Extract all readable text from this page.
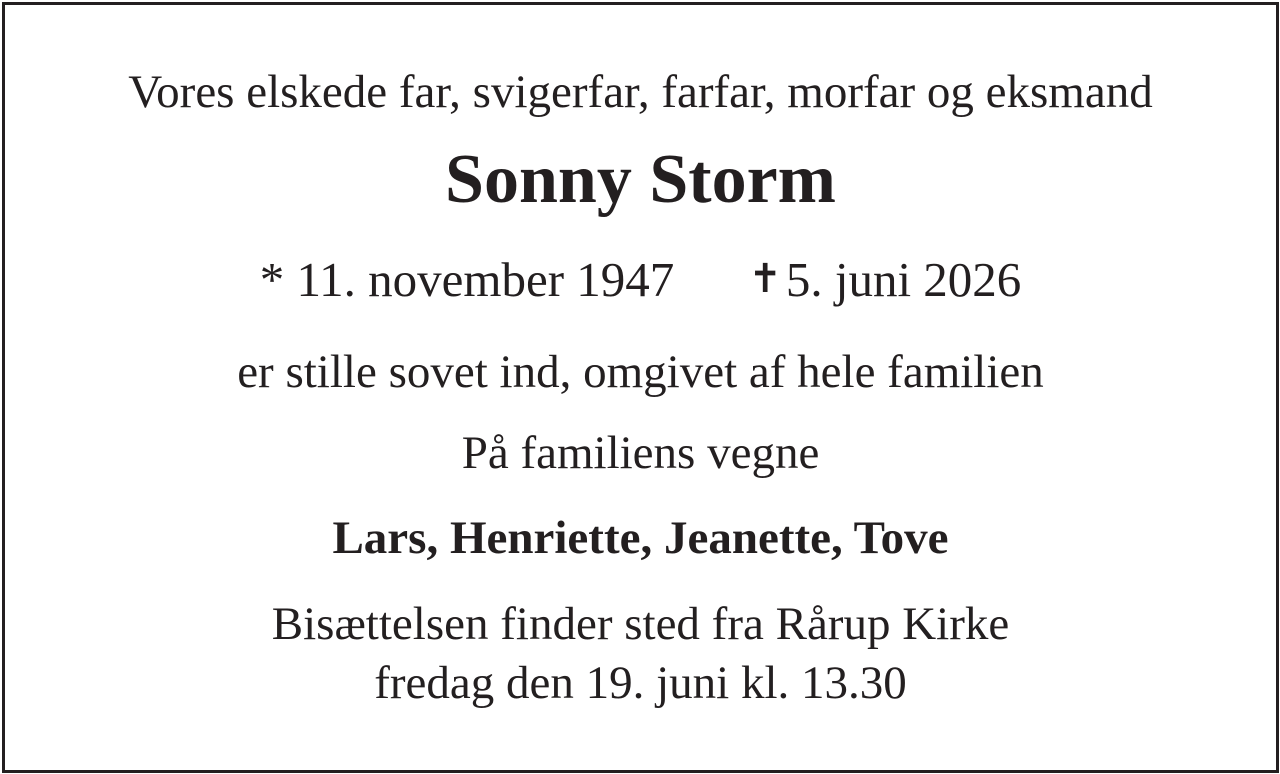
Vores elskede far, svigerfar, farfar, morfar og eksmand
Sonny Storm
* 11. november 1947 ✝5. juni 2026
er stille sovet ind, omgivet af hele familien
På familiens vegne
Lars, Henriette, Jeanette, Tove
Bisættelsen finder sted fra Rårup Kirke
fredag den 19. juni kl. 13.30
